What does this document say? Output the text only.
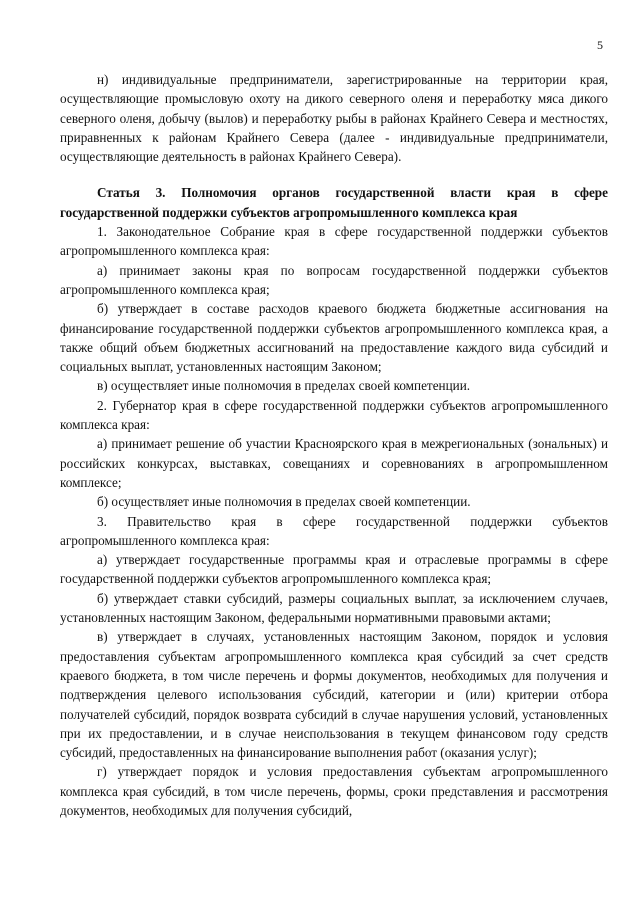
5

н) индивидуальные предприниматели, зарегистрированные на территории края, осуществляющие промысловую охоту на дикого северного оленя и переработку мяса дикого северного оленя, добычу (вылов) и переработку рыбы в районах Крайнего Севера и местностях, приравненных к районам Крайнего Севера (далее - индивидуальные предприниматели, осуществляющие деятельность в районах Крайнего Севера).

Статья 3. Полномочия органов государственной власти края в сфере государственной поддержки субъектов агропромышленного комплекса края

1. Законодательное Собрание края в сфере государственной поддержки субъектов агропромышленного комплекса края:

а) принимает законы края по вопросам государственной поддержки субъектов агропромышленного комплекса края;

б) утверждает в составе расходов краевого бюджета бюджетные ассигнования на финансирование государственной поддержки субъектов агропромышленного комплекса края, а также общий объем бюджетных ассигнований на предоставление каждого вида субсидий и социальных выплат, установленных настоящим Законом;

в) осуществляет иные полномочия в пределах своей компетенции.

2. Губернатор края в сфере государственной поддержки субъектов агропромышленного комплекса края:

а) принимает решение об участии Красноярского края в межрегиональных (зональных) и российских конкурсах, выставках, совещаниях и соревнованиях в агропромышленном комплексе;

б) осуществляет иные полномочия в пределах своей компетенции.

3. Правительство края в сфере государственной поддержки субъектов агропромышленного комплекса края:

а) утверждает государственные программы края и отраслевые программы в сфере государственной поддержки субъектов агропромышленного комплекса края;

б) утверждает ставки субсидий, размеры социальных выплат, за исключением случаев, установленных настоящим Законом, федеральными нормативными правовыми актами;

в) утверждает в случаях, установленных настоящим Законом, порядок и условия предоставления субъектам агропромышленного комплекса края субсидий за счет средств краевого бюджета, в том числе перечень и формы документов, необходимых для получения и подтверждения целевого использования субсидий, категории и (или) критерии отбора получателей субсидий, порядок возврата субсидий в случае нарушения условий, установленных при их предоставлении, и в случае неиспользования в текущем финансовом году средств субсидий, предоставленных на финансирование выполнения работ (оказания услуг);

г) утверждает порядок и условия предоставления субъектам агропромышленного комплекса края субсидий, в том числе перечень, формы, сроки представления и рассмотрения документов, необходимых для получения субсидий,
